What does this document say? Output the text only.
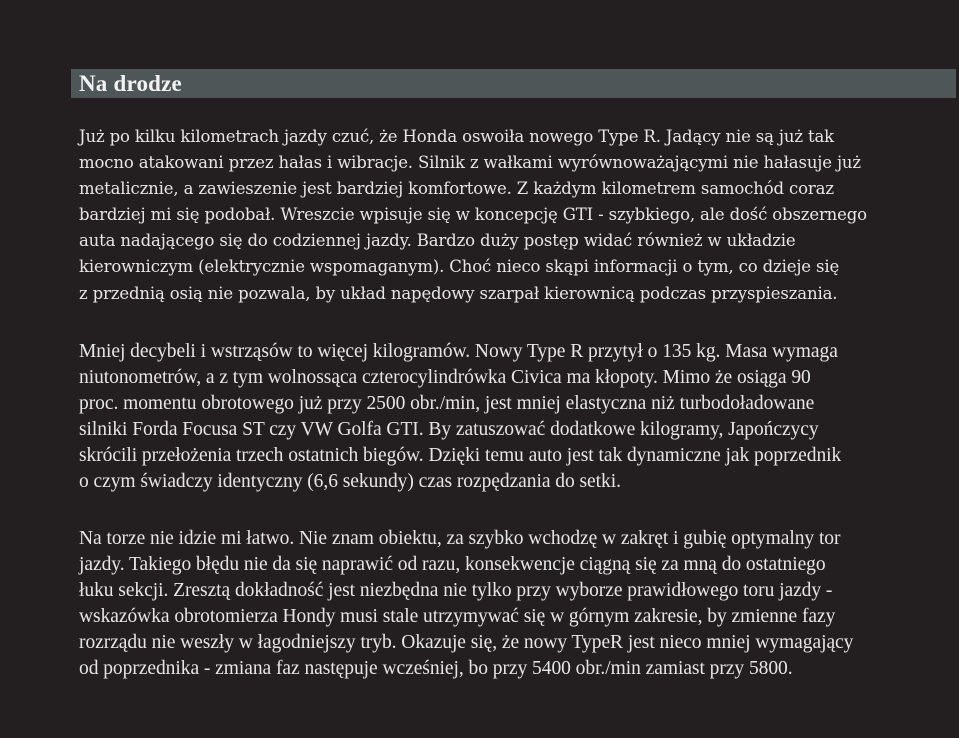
Na drodze

Już po kilku kilometrach jazdy czuć, że Honda oswoiła nowego Type R. Jadący nie są już tak
mocno atakowani przez hałas i wibracje. Silnik z wałkami wyrównoważającymi nie hałasuje już
metalicznie, a zawieszenie jest bardziej komfortowe. Z każdym kilometrem samochód coraz
bardziej mi się podobał. Wreszcie wpisuje się w koncepcję GTI - szybkiego, ale dość obszernego
auta nadającego się do codziennej jazdy. Bardzo duży postęp widać również w układzie
kierowniczym (elektrycznie wspomaganym). Choć nieco skąpi informacji o tym, co dzieje się
z przednią osią nie pozwala, by układ napędowy szarpał kierownicą podczas przyspieszania.

Mniej decybeli i wstrząsów to więcej kilogramów. Nowy Type R przytył o 135 kg. Masa wymaga
niutonometrów, a z tym wolnossąca czterocylindrówka Civica ma kłopoty. Mimo że osiąga 90
proc. momentu obrotowego już przy 2500 obr./min, jest mniej elastyczna niż turbodoładowane
silniki Forda Focusa ST czy VW Golfa GTI. By zatuszować dodatkowe kilogramy, Japończycy
skrócili przełożenia trzech ostatnich biegów. Dzięki temu auto jest tak dynamiczne jak poprzednik
o czym świadczy identyczny (6,6 sekundy) czas rozpędzania do setki.

Na torze nie idzie mi łatwo. Nie znam obiektu, za szybko wchodzę w zakręt i gubię optymalny tor
jazdy. Takiego błędu nie da się naprawić od razu, konsekwencje ciągną się za mną do ostatniego
łuku sekcji. Zresztą dokładność jest niezbędna nie tylko przy wyborze prawidłowego toru jazdy -
wskazówka obrotomierza Hondy musi stale utrzymywać się w górnym zakresie, by zmienne fazy
rozrządu nie weszły w łagodniejszy tryb. Okazuje się, że nowy TypeR jest nieco mniej wymagający
od poprzednika - zmiana faz następuje wcześniej, bo przy 5400 obr./min zamiast przy 5800.
